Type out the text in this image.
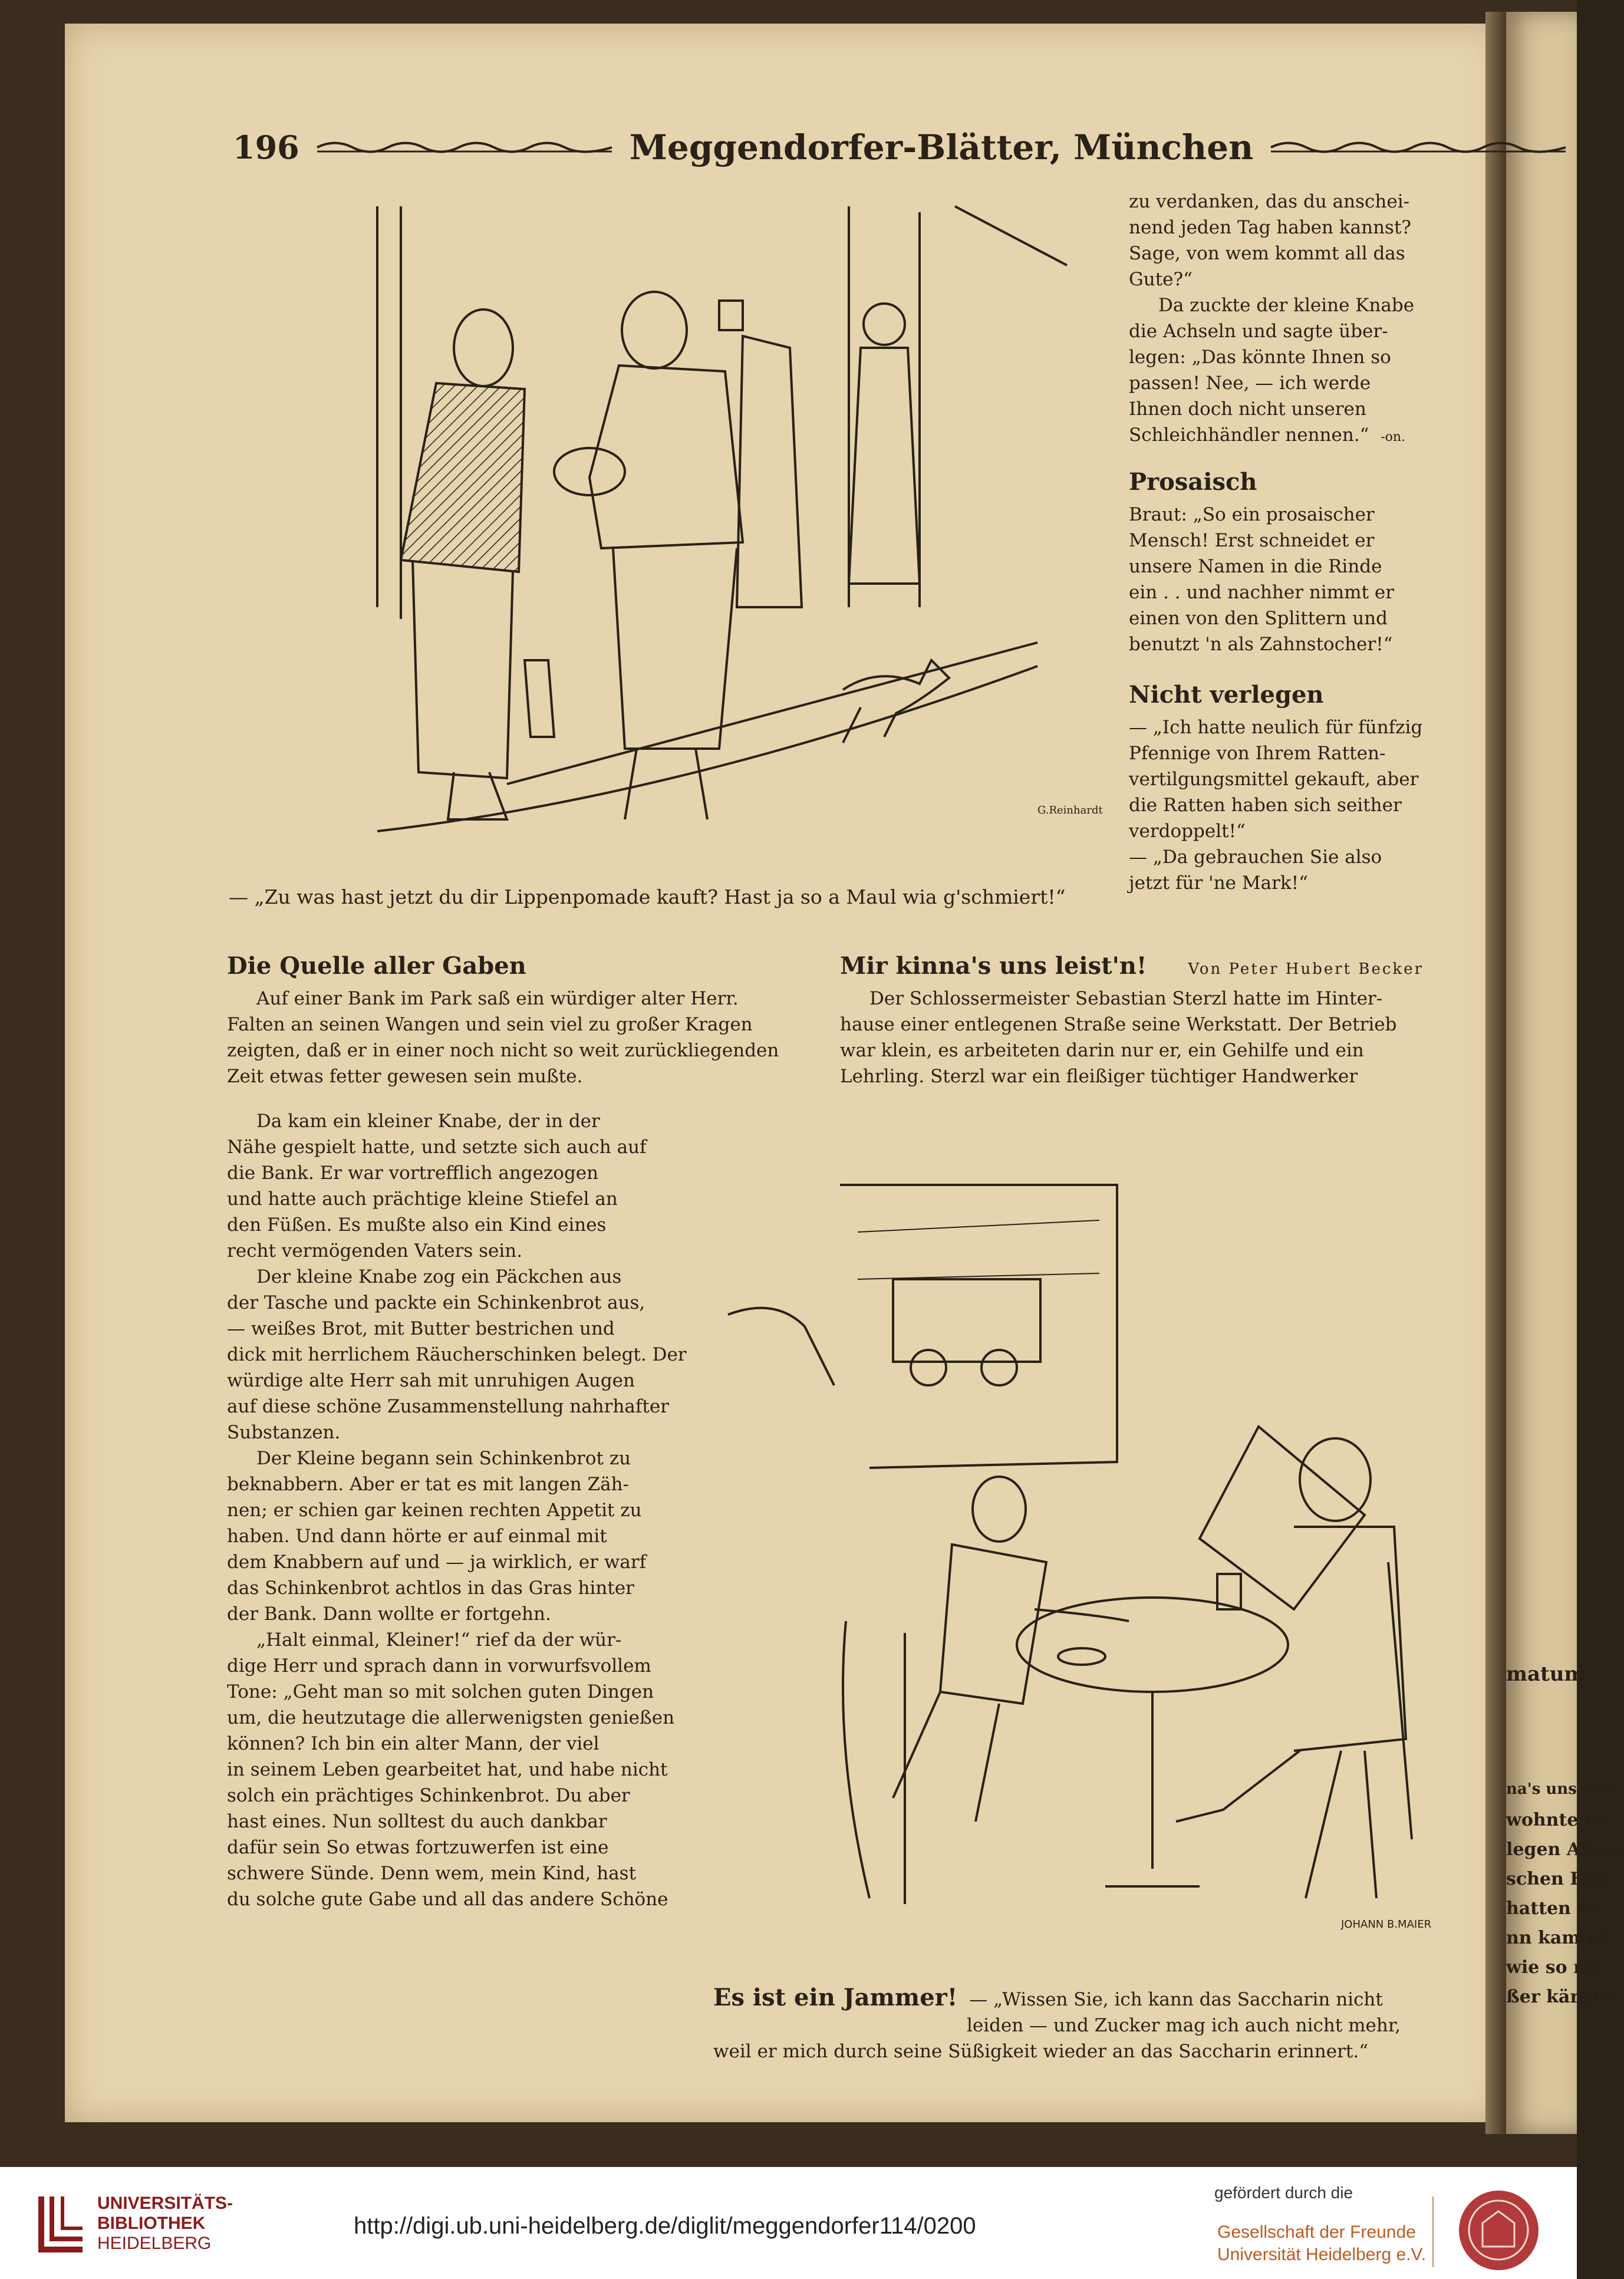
matum
na's uns leist'
wohnte mi
legen Anwe
schen Hau
hatten fie
nn kam pl
wie so ma
ßer kärglic
196	Meggendorfer-Blätter, München
G.Reinhardt
— „Zu was hast jetzt du dir Lippenpomade kauft? Hast ja so a Maul wia g'schmiert!“
zu verdanken, das du anschei-
nend jeden Tag haben kannst?
Sage, von wem kommt all das
Gute?“
Da zuckte der kleine Knabe
die Achseln und sagte über-
legen: „Das könnte Ihnen so
passen! Nee, — ich werde
Ihnen doch nicht unseren
Schleichhändler nennen.“ -on.
Prosaisch
Braut: „So ein prosaischer
Mensch! Erst schneidet er
unsere Namen in die Rinde
ein . . und nachher nimmt er
einen von den Splittern und
benutzt 'n als Zahnstocher!“
Nicht verlegen
— „Ich hatte neulich für fünfzig
Pfennige von Ihrem Ratten-
vertilgungsmittel gekauft, aber
die Ratten haben sich seither
verdoppelt!“
— „Da gebrauchen Sie also
jetzt für 'ne Mark!“
Die Quelle aller Gaben
Auf einer Bank im Park saß ein würdiger alter Herr.
Falten an seinen Wangen und sein viel zu großer Kragen
zeigten, daß er in einer noch nicht so weit zurückliegenden
Zeit etwas fetter gewesen sein mußte.
Da kam ein kleiner Knabe, der in der
Nähe gespielt hatte, und setzte sich auch auf
die Bank. Er war vortrefflich angezogen
und hatte auch prächtige kleine Stiefel an
den Füßen. Es mußte also ein Kind eines
recht vermögenden Vaters sein.
Der kleine Knabe zog ein Päckchen aus
der Tasche und packte ein Schinkenbrot aus,
— weißes Brot, mit Butter bestrichen und
dick mit herrlichem Räucherschinken belegt. Der
würdige alte Herr sah mit unruhigen Augen
auf diese schöne Zusammenstellung nahrhafter
Substanzen.
Der Kleine begann sein Schinkenbrot zu
beknabbern. Aber er tat es mit langen Zäh-
nen; er schien gar keinen rechten Appetit zu
haben. Und dann hörte er auf einmal mit
dem Knabbern auf und — ja wirklich, er warf
das Schinkenbrot achtlos in das Gras hinter
der Bank. Dann wollte er fortgehn.
„Halt einmal, Kleiner!“ rief da der wür-
dige Herr und sprach dann in vorwurfsvollem
Tone: „Geht man so mit solchen guten Dingen
um, die heutzutage die allerwenigsten genießen
können? Ich bin ein alter Mann, der viel
in seinem Leben gearbeitet hat, und habe nicht
solch ein prächtiges Schinkenbrot. Du aber
hast eines. Nun solltest du auch dankbar
dafür sein So etwas fortzuwerfen ist eine
schwere Sünde. Denn wem, mein Kind, hast
du solche gute Gabe und all das andere Schöne
Mir kinna's uns leist'n!	Von Peter Hubert Becker
Der Schlossermeister Sebastian Sterzl hatte im Hinter-
hause einer entlegenen Straße seine Werkstatt. Der Betrieb
war klein, es arbeiteten darin nur er, ein Gehilfe und ein
Lehrling. Sterzl war ein fleißiger tüchtiger Handwerker
JOHANN B.MAIER
Es ist ein Jammer! — „Wissen Sie, ich kann das Saccharin nicht
leiden — und Zucker mag ich auch nicht mehr,
weil er mich durch seine Süßigkeit wieder an das Saccharin erinnert.“
UNIVERSITÄTS-
BIBLIOTHEK
HEIDELBERG
http://digi.ub.uni-heidelberg.de/diglit/meggendorfer114/0200
gefördert durch die
Gesellschaft der Freunde
Universität Heidelberg e.V.
